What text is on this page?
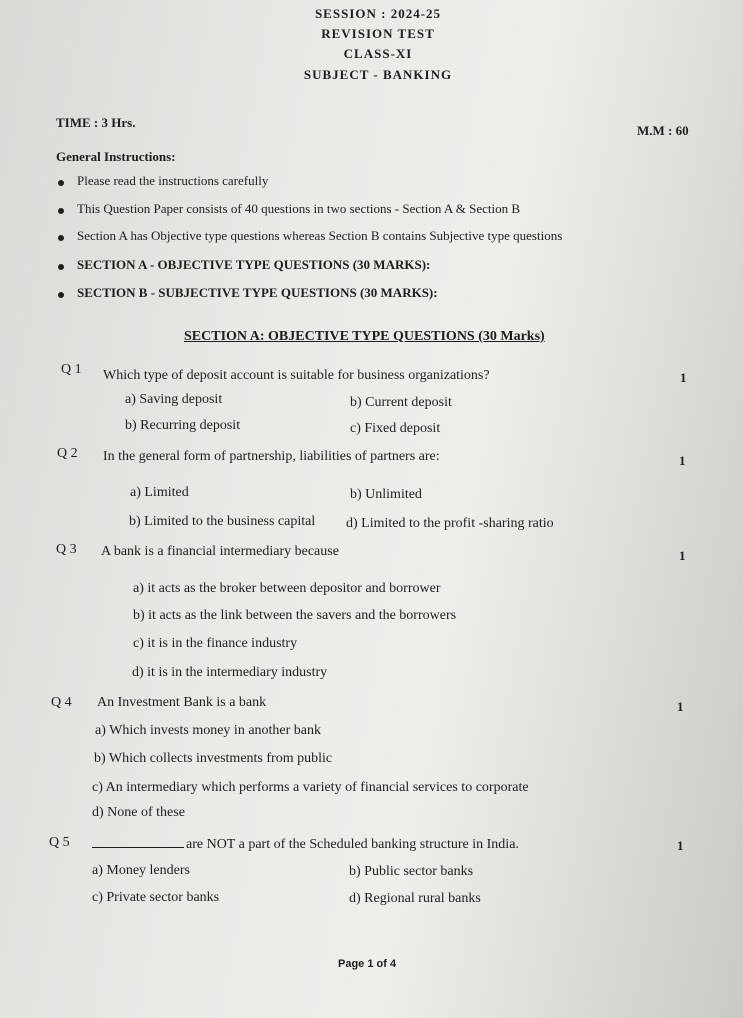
SESSION : 2024-25
REVISION TEST
CLASS-XI
SUBJECT - BANKING
TIME : 3 Hrs.
M.M : 60
General Instructions:
Please read the instructions carefully
This Question Paper consists of 40 questions in two sections - Section A & Section B
Section A has Objective type questions whereas Section B contains Subjective type questions
SECTION A - OBJECTIVE TYPE QUESTIONS (30 MARKS):
SECTION B - SUBJECTIVE TYPE QUESTIONS (30 MARKS):
SECTION A: OBJECTIVE TYPE QUESTIONS (30 Marks)
Q 1 Which type of deposit account is suitable for business organizations?	1
a) Saving deposit	b) Current deposit
b) Recurring deposit	c) Fixed deposit
Q 2 In the general form of partnership, liabilities of partners are:	1
a) Limited	b) Unlimited
b) Limited to the business capital d) Limited to the profit -sharing ratio
Q 3 A bank is a financial intermediary because	1
a) it acts as the broker between depositor and borrower
b) it acts as the link between the savers and the borrowers
c) it is in the finance industry
d) it is in the intermediary industry
Q 4 An Investment Bank is a bank	1
a) Which invests money in another bank
b) Which collects investments from public
c) An intermediary which performs a variety of financial services to corporate
d) None of these
Q 5	are NOT a part of the Scheduled banking structure in India.	1
a) Money lenders	b) Public sector banks
c) Private sector banks	d) Regional rural banks
Page 1 of 4
